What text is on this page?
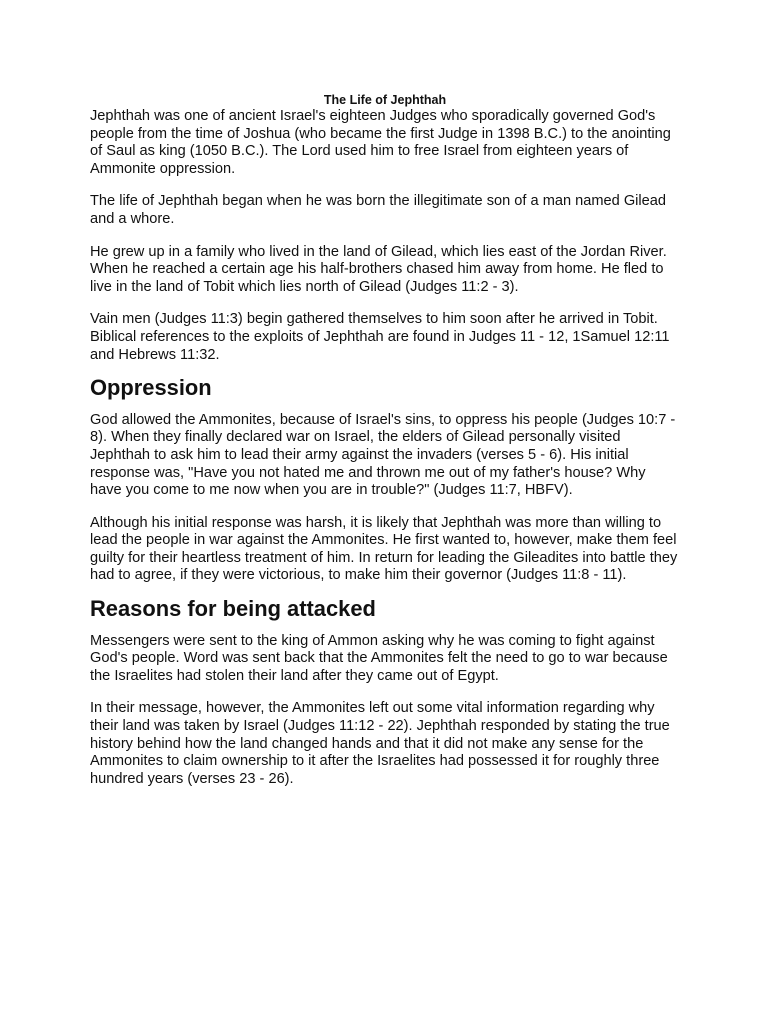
The Life of Jephthah

Jephthah was one of ancient Israel's eighteen Judges who sporadically governed God's people from the time of Joshua (who became the first Judge in 1398 B.C.) to the anointing of Saul as king (1050 B.C.). The Lord used him to free Israel from eighteen years of Ammonite oppression.

The life of Jephthah began when he was born the illegitimate son of a man named Gilead and a whore.

He grew up in a family who lived in the land of Gilead, which lies east of the Jordan River. When he reached a certain age his half-brothers chased him away from home. He fled to live in the land of Tobit which lies north of Gilead (Judges 11:2 - 3).

Vain men (Judges 11:3) begin gathered themselves to him soon after he arrived in Tobit. Biblical references to the exploits of Jephthah are found in Judges 11 - 12, 1Samuel 12:11 and Hebrews 11:32.

Oppression

God allowed the Ammonites, because of Israel's sins, to oppress his people (Judges 10:7 - 8). When they finally declared war on Israel, the elders of Gilead personally visited Jephthah to ask him to lead their army against the invaders (verses 5 - 6). His initial response was, "Have you not hated me and thrown me out of my father's house? Why have you come to me now when you are in trouble?" (Judges 11:7, HBFV).

Although his initial response was harsh, it is likely that Jephthah was more than willing to lead the people in war against the Ammonites. He first wanted to, however, make them feel guilty for their heartless treatment of him. In return for leading the Gileadites into battle they had to agree, if they were victorious, to make him their governor (Judges 11:8 - 11).

Reasons for being attacked

Messengers were sent to the king of Ammon asking why he was coming to fight against God's people. Word was sent back that the Ammonites felt the need to go to war because the Israelites had stolen their land after they came out of Egypt.

In their message, however, the Ammonites left out some vital information regarding why their land was taken by Israel (Judges 11:12 - 22). Jephthah responded by stating the true history behind how the land changed hands and that it did not make any sense for the Ammonites to claim ownership to it after the Israelites had possessed it for roughly three hundred years (verses 23 - 26).
